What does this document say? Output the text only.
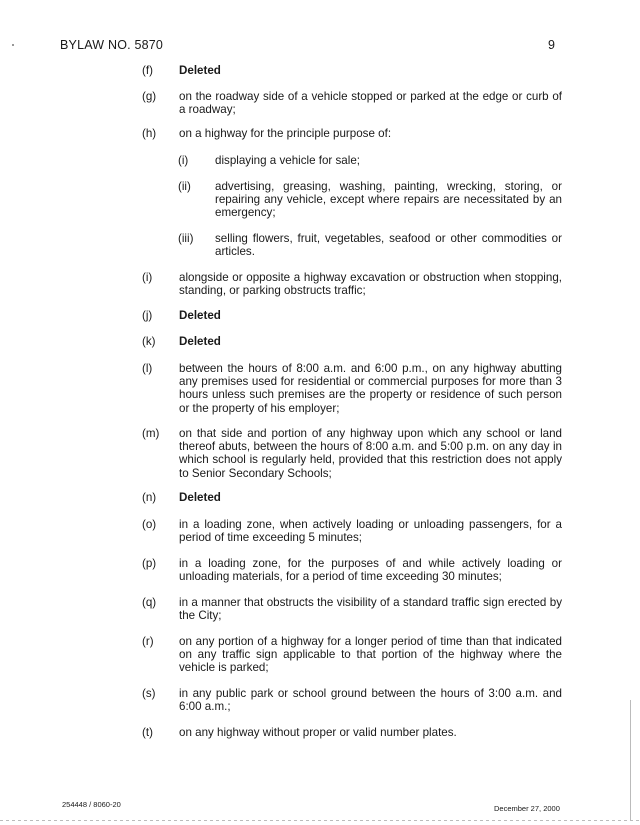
BYLAW NO. 5870	9
(f) Deleted
(g) on the roadway side of a vehicle stopped or parked at the edge or curb of a roadway;
(h) on a highway for the principle purpose of:
(i) displaying a vehicle for sale;
(ii) advertising, greasing, washing, painting, wrecking, storing, or repairing any vehicle, except where repairs are necessitated by an emergency;
(iii) selling flowers, fruit, vegetables, seafood or other commodities or articles.
(i) alongside or opposite a highway excavation or obstruction when stopping, standing, or parking obstructs traffic;
(j) Deleted
(k) Deleted
(l) between the hours of 8:00 a.m. and 6:00 p.m., on any highway abutting any premises used for residential or commercial purposes for more than 3 hours unless such premises are the property or residence of such person or the property of his employer;
(m) on that side and portion of any highway upon which any school or land thereof abuts, between the hours of 8:00 a.m. and 5:00 p.m. on any day in which school is regularly held, provided that this restriction does not apply to Senior Secondary Schools;
(n) Deleted
(o) in a loading zone, when actively loading or unloading passengers, for a period of time exceeding 5 minutes;
(p) in a loading zone, for the purposes of and while actively loading or unloading materials, for a period of time exceeding 30 minutes;
(q) in a manner that obstructs the visibility of a standard traffic sign erected by the City;
(r) on any portion of a highway for a longer period of time than that indicated on any traffic sign applicable to that portion of the highway where the vehicle is parked;
(s) in any public park or school ground between the hours of 3:00 a.m. and 6:00 a.m.;
(t) on any highway without proper or valid number plates.
254448 / 8060-20	December 27, 2000
